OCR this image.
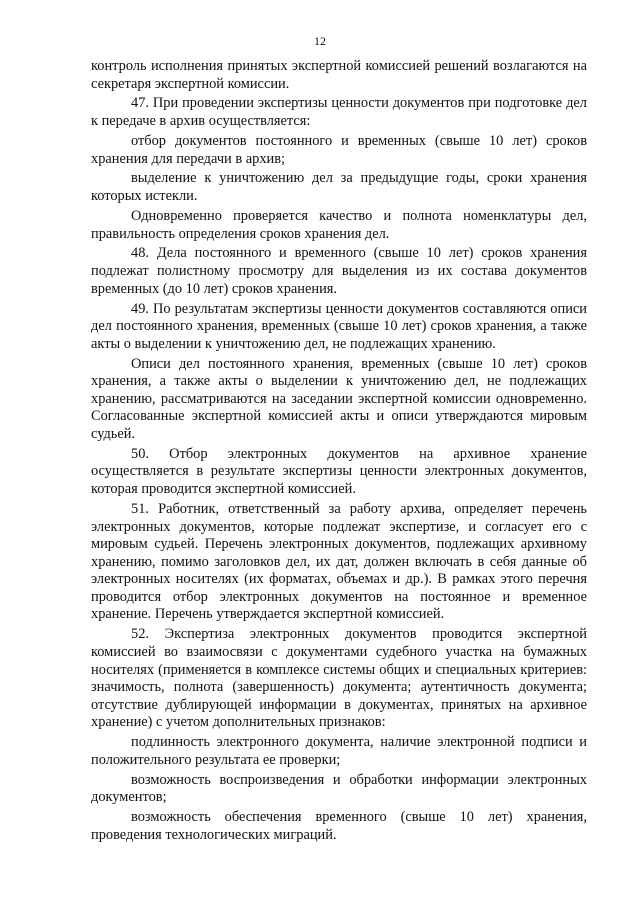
12

контроль исполнения принятых экспертной комиссией решений возлагаются на секретаря экспертной комиссии.

47. При проведении экспертизы ценности документов при подготовке дел к передаче в архив осуществляется:

отбор документов постоянного и временных (свыше 10 лет) сроков хранения для передачи в архив;

выделение к уничтожению дел за предыдущие годы, сроки хранения которых истекли.

Одновременно проверяется качество и полнота номенклатуры дел, правильность определения сроков хранения дел.

48. Дела постоянного и временного (свыше 10 лет) сроков хранения подлежат полистному просмотру для выделения из их состава документов временных (до 10 лет) сроков хранения.

49. По результатам экспертизы ценности документов составляются описи дел постоянного хранения, временных (свыше 10 лет) сроков хранения, а также акты о выделении к уничтожению дел, не подлежащих хранению.

Описи дел постоянного хранения, временных (свыше 10 лет) сроков хранения, а также акты о выделении к уничтожению дел, не подлежащих хранению, рассматриваются на заседании экспертной комиссии одновременно. Согласованные экспертной комиссией акты и описи утверждаются мировым судьей.

50. Отбор электронных документов на архивное хранение осуществляется в результате экспертизы ценности электронных документов, которая проводится экспертной комиссией.

51. Работник, ответственный за работу архива, определяет перечень электронных документов, которые подлежат экспертизе, и согласует его с мировым судьей. Перечень электронных документов, подлежащих архивному хранению, помимо заголовков дел, их дат, должен включать в себя данные об электронных носителях (их форматах, объемах и др.). В рамках этого перечня проводится отбор электронных документов на постоянное и временное хранение. Перечень утверждается экспертной комиссией.

52. Экспертиза электронных документов проводится экспертной комиссией во взаимосвязи с документами судебного участка на бумажных носителях (применяется в комплексе системы общих и специальных критериев: значимость, полнота (завершенность) документа; аутентичность документа; отсутствие дублирующей информации в документах, принятых на архивное хранение) с учетом дополнительных признаков:

подлинность электронного документа, наличие электронной подписи и положительного результата ее проверки;

возможность воспроизведения и обработки информации электронных документов;

возможность обеспечения временного (свыше 10 лет) хранения, проведения технологических миграций.
